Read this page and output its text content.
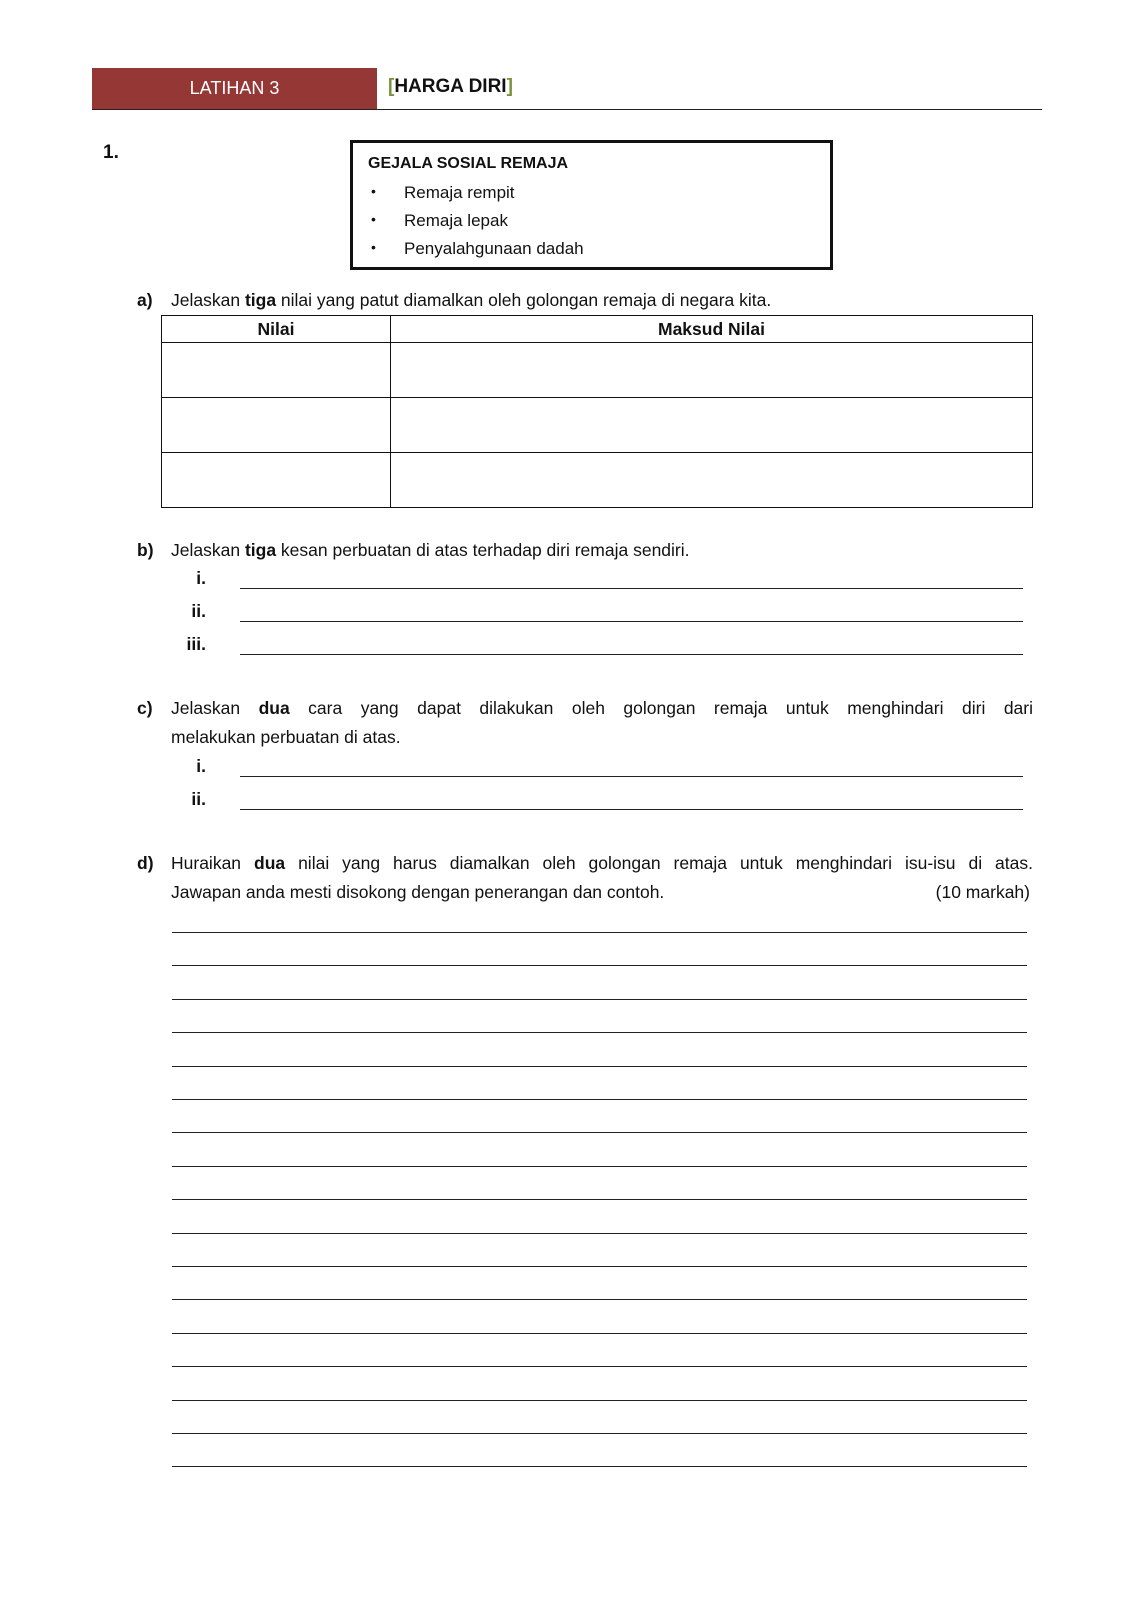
LATIHAN 3	[HARGA DIRI]
1.
GEJALA SOSIAL REMAJA
• Remaja rempit
• Remaja lepak
• Penyalahgunaan dadah
a) Jelaskan tiga nilai yang patut diamalkan oleh golongan remaja di negara kita.
Nilai	Maksud Nilai

b) Jelaskan tiga kesan perbuatan di atas terhadap diri remaja sendiri.
i.
ii.
iii.
c) Jelaskan dua cara yang dapat dilakukan oleh golongan remaja untuk menghindari diri dari
melakukan perbuatan di atas.
i.
ii.
d) Huraikan dua nilai yang harus diamalkan oleh golongan remaja untuk menghindari isu-isu di atas.
Jawapan anda mesti disokong dengan penerangan dan contoh.	(10 markah)
